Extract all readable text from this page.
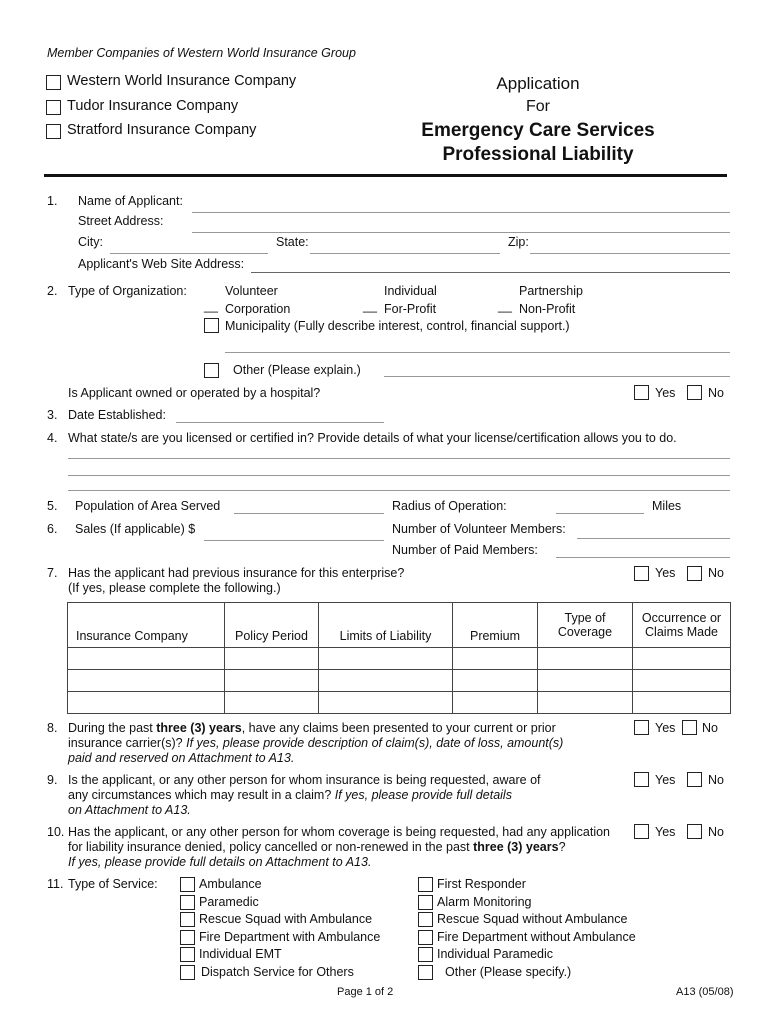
Member Companies of Western World Insurance Group
Western World Insurance Company
Tudor Insurance Company
Stratford Insurance Company
Application
For
Emergency Care Services
Professional Liability
1. Name of Applicant:
Street Address:
City:	State:	Zip:
Applicant's Web Site Address:
2. Type of Organization:	Volunteer	Individual	Partnership
__ Corporation	__ For-Profit	__ Non-Profit
Municipality (Fully describe interest, control, financial support.)
Other (Please explain.)
Is Applicant owned or operated by a hospital?	Yes	No
3. Date Established:
4. What state/s are you licensed or certified in? Provide details of what your license/certification allows you to do.
5. Population of Area Served	Radius of Operation:	Miles
6. Sales (If applicable) $	Number of Volunteer Members:
Number of Paid Members:
7. Has the applicant had previous insurance for this enterprise?
(If yes, please complete the following.)
Yes	No
Insurance Company	Policy Period	Limits of Liability	Premium	Type of
Coverage	Occurrence or
Claims Made

8. During the past three (3) years, have any claims been presented to your current or prior
insurance carrier(s)? If yes, please provide description of claim(s), date of loss, amount(s)
paid and reserved on Attachment to A13.
Yes No
9. Is the applicant, or any other person for whom insurance is being requested, aware of
any circumstances which may result in a claim? If yes, please provide full details
on Attachment to A13.
Yes	No
10. Has the applicant, or any other person for whom coverage is being requested, had any application
for liability insurance denied, policy cancelled or non-renewed in the past three (3) years?
If yes, please provide full details on Attachment to A13.
Yes	No
11. Type of Service:	Ambulance
Paramedic
Rescue Squad with Ambulance
Fire Department with Ambulance
Individual EMT
Dispatch Service for Others
First Responder
Alarm Monitoring
Rescue Squad without Ambulance
Fire Department without Ambulance
Individual Paramedic
Other (Please specify.)
Page 1 of 2	A13 (05/08)
